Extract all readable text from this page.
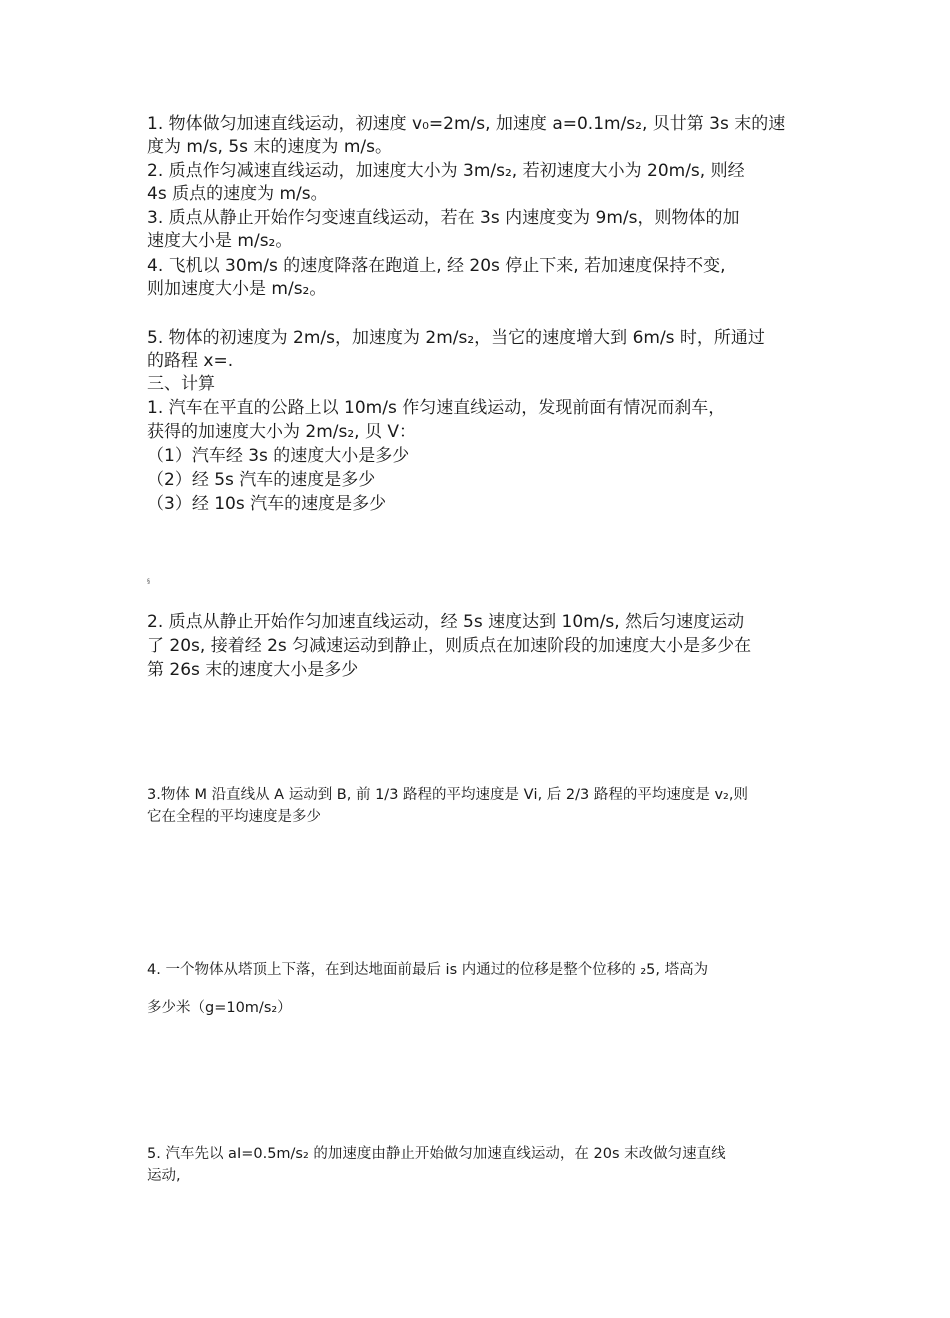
1. 物体做匀加速直线运动，初速度 v₀=2m/s, 加速度 a=0.1m/s₂, 贝廿第 3s 末的速
度为 m/s, 5s 末的速度为 m/s。

2. 质点作匀减速直线运动，加速度大小为 3m/s₂, 若初速度大小为 20m/s, 则经
4s 质点的速度为 m/s。

3. 质点从静止开始作匀变速直线运动，若在 3s 内速度变为 9m/s，则物体的加
速度大小是 m/s₂。

4. 飞机以 30m/s 的速度降落在跑道上, 经 20s 停止下来, 若加速度保持不变,
则加速度大小是 m/s₂。

5. 物体的初速度为 2m/s，加速度为 2m/s₂，当它的速度增大到 6m/s 时，所通过
的路程 x=.

三、计算

1. 汽车在平直的公路上以 10m/s 作匀速直线运动，发现前面有情况而刹车，
获得的加速度大小为 2m/s₂, 贝 V：
（1）汽车经 3s 的速度大小是多少
（2）经 5s 汽车的速度是多少
（3）经 10s 汽车的速度是多少
§
2. 质点从静止开始作匀加速直线运动，经 5s 速度达到 10m/s, 然后匀速度运动
了 20s, 接着经 2s 匀减速运动到静止，则质点在加速阶段的加速度大小是多少在
第 26s 末的速度大小是多少
3.物体 M 沿直线从 A 运动到 B, 前 1/3 路程的平均速度是 Vⅰ, 后 2/3 路程的平均速度是 v₂,则
它在全程的平均速度是多少
4. 一个物体从塔顶上下落，在到达地面前最后 is 内通过的位移是整个位移的 ₂5, 塔高为
多少米（g=10m/s₂）
5. 汽车先以 aⅠ=0.5m/s₂ 的加速度由静止开始做匀加速直线运动，在 20s 末改做匀速直线
运动,
